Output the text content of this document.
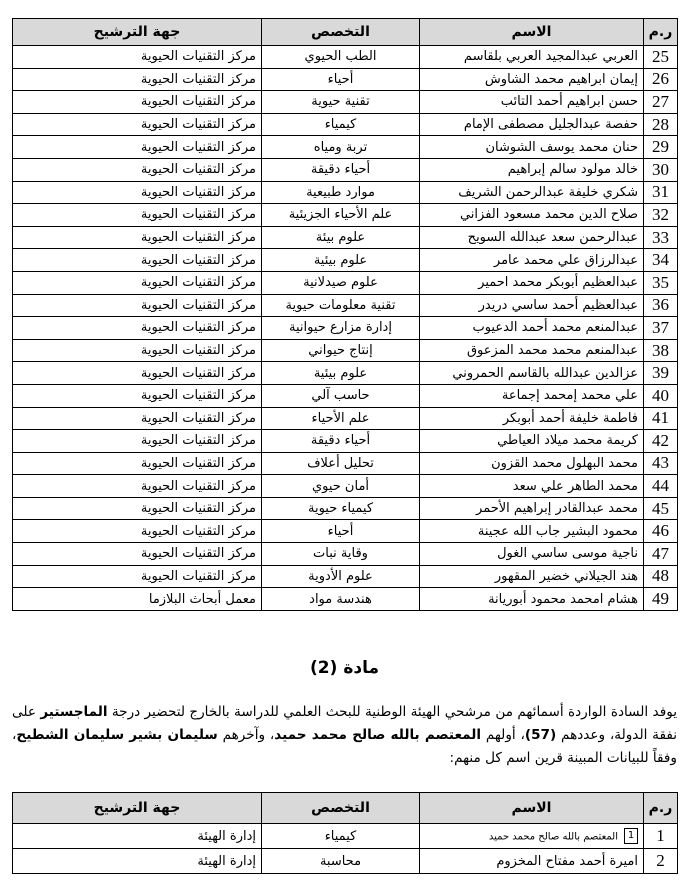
ر.م	الاسم	التخصص	جهة الترشيح
25	العربي عبدالمجيد العربي بلقاسم	الطب الحيوي	مركز التقنيات الحيوية
26	إيمان ابراهيم محمد الشاوش	أحياء	مركز التقنيات الحيوية
27	حسن ابراهيم أحمد التائب	تقنية حيوية	مركز التقنيات الحيوية
28	حفصة عبدالجليل مصطفى الإمام	كيمياء	مركز التقنيات الحيوية
29	حنان محمد يوسف الشوشان	تربة ومياه	مركز التقنيات الحيوية
30	خالد مولود سالم إبراهيم	أحياء دقيقة	مركز التقنيات الحيوية
31	شكري خليفة عبدالرحمن الشريف	موارد طبيعية	مركز التقنيات الحيوية
32	صلاح الدين محمد مسعود الفزاني	علم الأحياء الجزيئية	مركز التقنيات الحيوية
33	عبدالرحمن سعد عبدالله السويح	علوم بيئة	مركز التقنيات الحيوية
34	عبدالرزاق علي محمد عامر	علوم بيئية	مركز التقنيات الحيوية
35	عبدالعظيم أبوبكر محمد احمير	علوم صيدلانية	مركز التقنيات الحيوية
36	عبدالعظيم أحمد ساسي دريدر	تقنية معلومات حيوية	مركز التقنيات الحيوية
37	عبدالمنعم محمد أحمد الدعيوب	إدارة مزارع حيوانية	مركز التقنيات الحيوية
38	عبدالمنعم محمد محمد المزعوق	إنتاج حيواني	مركز التقنيات الحيوية
39	عزالدين عبدالله بالقاسم الحمروني	علوم بيئية	مركز التقنيات الحيوية
40	علي محمد إمحمد إجماعة	حاسب آلي	مركز التقنيات الحيوية
41	فاطمة خليفة أحمد أبوبكر	علم الأحياء	مركز التقنيات الحيوية
42	كريمة محمد ميلاد العياطي	أحياء دقيقة	مركز التقنيات الحيوية
43	محمد البهلول محمد القزون	تحليل أعلاف	مركز التقنيات الحيوية
44	محمد الطاهر علي سعد	أمان حيوي	مركز التقنيات الحيوية
45	محمد عبدالقادر إبراهيم الأحمر	كيمياء حيوية	مركز التقنيات الحيوية
46	محمود البشير جاب الله عجينة	أحياء	مركز التقنيات الحيوية
47	ناجية موسى ساسي الغول	وقاية نبات	مركز التقنيات الحيوية
48	هند الجيلاني خضير المقهور	علوم الأدوية	مركز التقنيات الحيوية
49	هشام امحمد محمود أبوريانة	هندسة مواد	معمل أبحاث البلازما
مادة (2)
يوفد السادة الواردة أسمائهم من مرشحي الهيئة الوطنية للبحث العلمي للدراسة بالخارج لتحضير درجة الماجستير على نفقة الدولة، وعددهم (57)، أولهم المعتصم بالله صالح محمد حميد، وآخرهم سليمان بشير سليمان الشطيح، وفقاً للبيانات المبينة قرين اسم كل منهم:
ر.م	الاسم	التخصص	جهة الترشيح
1	1المعتصم بالله صالح محمد حميد	كيمياء	إدارة الهيئة
2	اميرة أحمد مفتاح المخزوم	محاسبة	إدارة الهيئة
